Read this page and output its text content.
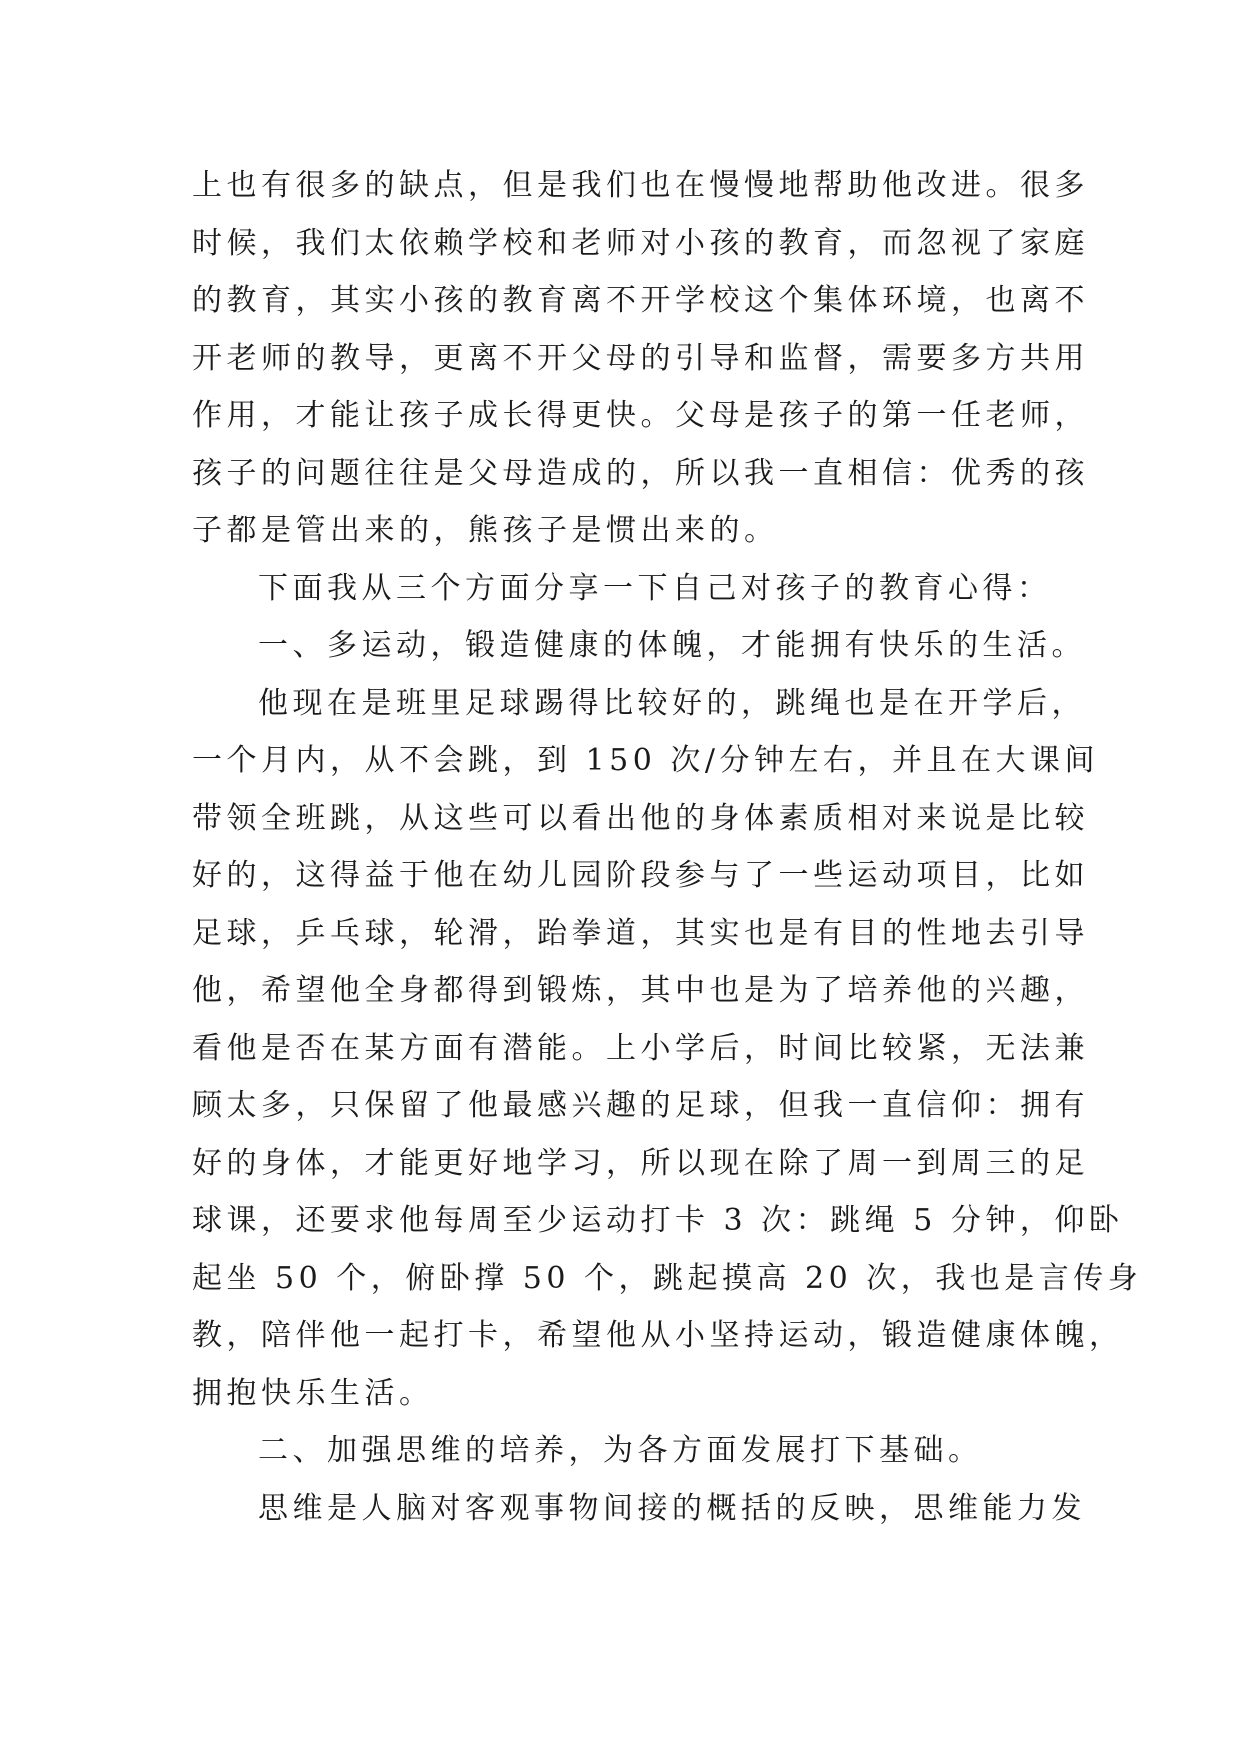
上也有很多的缺点，但是我们也在慢慢地帮助他改进。很多
时候，我们太依赖学校和老师对小孩的教育，而忽视了家庭
的教育，其实小孩的教育离不开学校这个集体环境，也离不
开老师的教导，更离不开父母的引导和监督，需要多方共用
作用，才能让孩子成长得更快。父母是孩子的第一任老师，
孩子的问题往往是父母造成的，所以我一直相信：优秀的孩
子都是管出来的，熊孩子是惯出来的。
下面我从三个方面分享一下自己对孩子的教育心得：
一、多运动，锻造健康的体魄，才能拥有快乐的生活。
他现在是班里足球踢得比较好的，跳绳也是在开学后，
一个月内，从不会跳，到 150 次/分钟左右，并且在大课间
带领全班跳，从这些可以看出他的身体素质相对来说是比较
好的，这得益于他在幼儿园阶段参与了一些运动项目，比如
足球，乒乓球，轮滑，跆拳道，其实也是有目的性地去引导
他，希望他全身都得到锻炼，其中也是为了培养他的兴趣，
看他是否在某方面有潜能。上小学后，时间比较紧，无法兼
顾太多，只保留了他最感兴趣的足球，但我一直信仰：拥有
好的身体，才能更好地学习，所以现在除了周一到周三的足
球课，还要求他每周至少运动打卡 3 次：跳绳 5 分钟，仰卧
起坐 50 个，俯卧撑 50 个，跳起摸高 20 次，我也是言传身
教，陪伴他一起打卡，希望他从小坚持运动，锻造健康体魄，
拥抱快乐生活。
二、加强思维的培养，为各方面发展打下基础。
思维是人脑对客观事物间接的概括的反映，思维能力发
